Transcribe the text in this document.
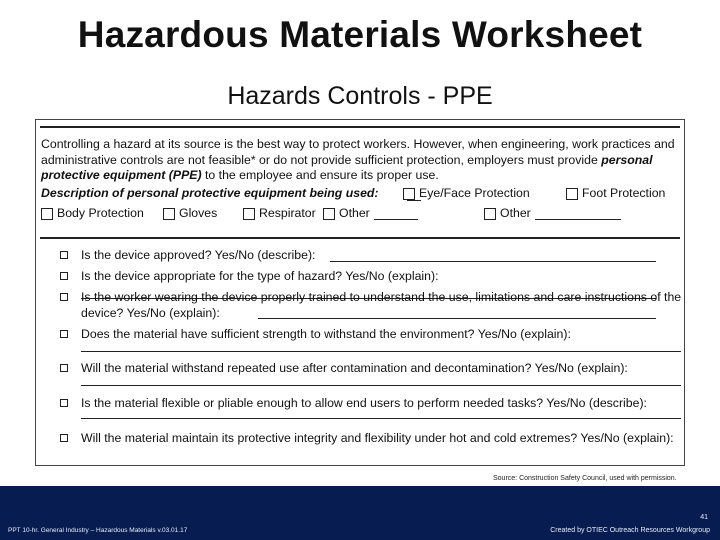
Hazardous Materials Worksheet
Hazards Controls - PPE
Controlling a hazard at its source is the best way to protect workers. However, when engineering, work practices and administrative controls are not feasible* or do not provide sufficient protection, employers must provide personal protective equipment (PPE) to the employee and ensure its proper use.
Description of personal protective equipment being used:	Eye/Face Protection	Foot Protection
Body Protection	Gloves	Respirator Other	Other
Is the device approved? Yes/No (describe):
Is the device appropriate for the type of hazard? Yes/No (explain):
Is the worker wearing the device properly trained to understand the use, limitations and care instructions of the device? Yes/No (explain):
Does the material have sufficient strength to withstand the environment? Yes/No (explain):
Will the material withstand repeated use after contamination and decontamination? Yes/No (explain):
Is the material flexible or pliable enough to allow end users to perform needed tasks? Yes/No (describe):
Will the material maintain its protective integrity and flexibility under hot and cold extremes? Yes/No (explain):
Source: Construction Safety Council, used with permission.
PPT 10-hr. General Industry – Hazardous Materials v.03.01.17
41
Created by OTIEC Outreach Resources Workgroup
